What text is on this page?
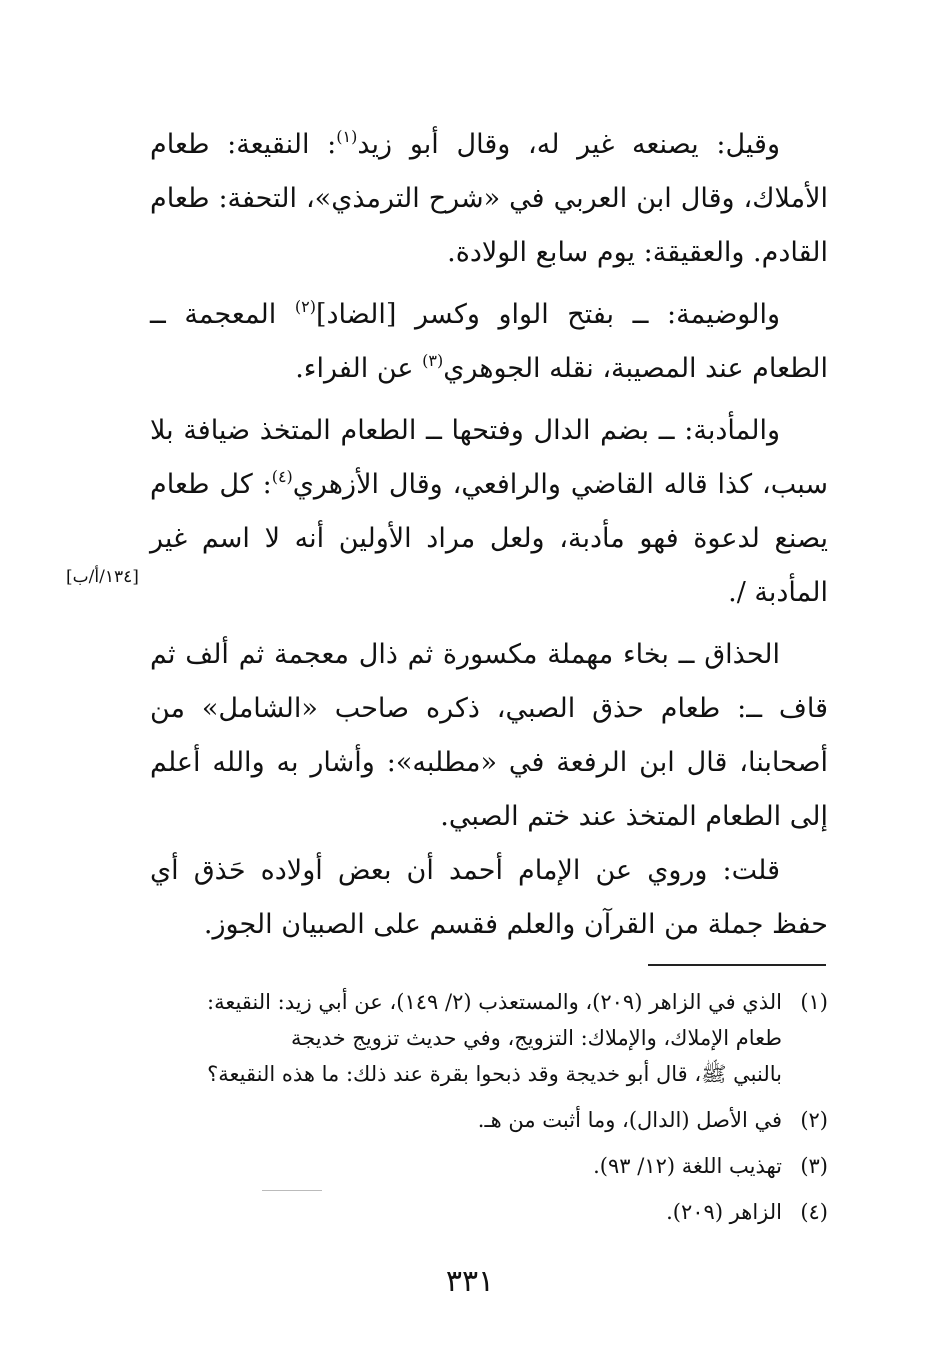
وقيل: يصنعه غير له، وقال أبو زيد$^{(١)}$: النقيعة: طعام الأملاك، وقال ابن العربي في «شرح الترمذي»، التحفة: طعام القادم. والعقيقة: يوم سابع الولادة.

والوضيمة: ــ بفتح الواو وكسر [الضاد]$^{(٢)}$ المعجمة ــ الطعام عند المصيبة، نقله الجوهري$^{(٣)}$ عن الفراء.

والمأدبة: ــ بضم الدال وفتحها ــ الطعام المتخذ ضيافة بلا سبب، كذا قاله القاضي والرافعي، وقال الأزهري$^{(٤)}$: كل طعام يصنع لدعوة فهو مأدبة، ولعل مراد الأولين أنه لا اسم غير المأدبة /.

[١٣٤/أ/ب]

الحذاق ــ بخاء مهملة مكسورة ثم ذال معجمة ثم ألف ثم قاف ــ: طعام حذق الصبي، ذكره صاحب «الشامل» من أصحابنا، قال ابن الرفعة في «مطلبه»: وأشار به والله أعلم إلى الطعام المتخذ عند ختم الصبي.

قلت: وروي عن الإمام أحمد أن بعض أولاده حَذق أي حفظ جملة من القرآن والعلم فقسم على الصبيان الجوز.

(١)
الذي في الزاهر (٢٠٩)، والمستعذب (٢/ ١٤٩)، عن أبي زيد: النقيعة:
طعام الإملاك، والإملاك: التزويج، وفي حديث تزويج خديجة
بالنبي ﷺ، قال أبو خديجة وقد ذبحوا بقرة عند ذلك: ما هذه النقيعة؟
(٢)
في الأصل (الدال)، وما أثبت من هـ.
(٣)
تهذيب اللغة (١٢/ ٩٣).
(٤)
الزاهر (٢٠٩).
٣٣١
